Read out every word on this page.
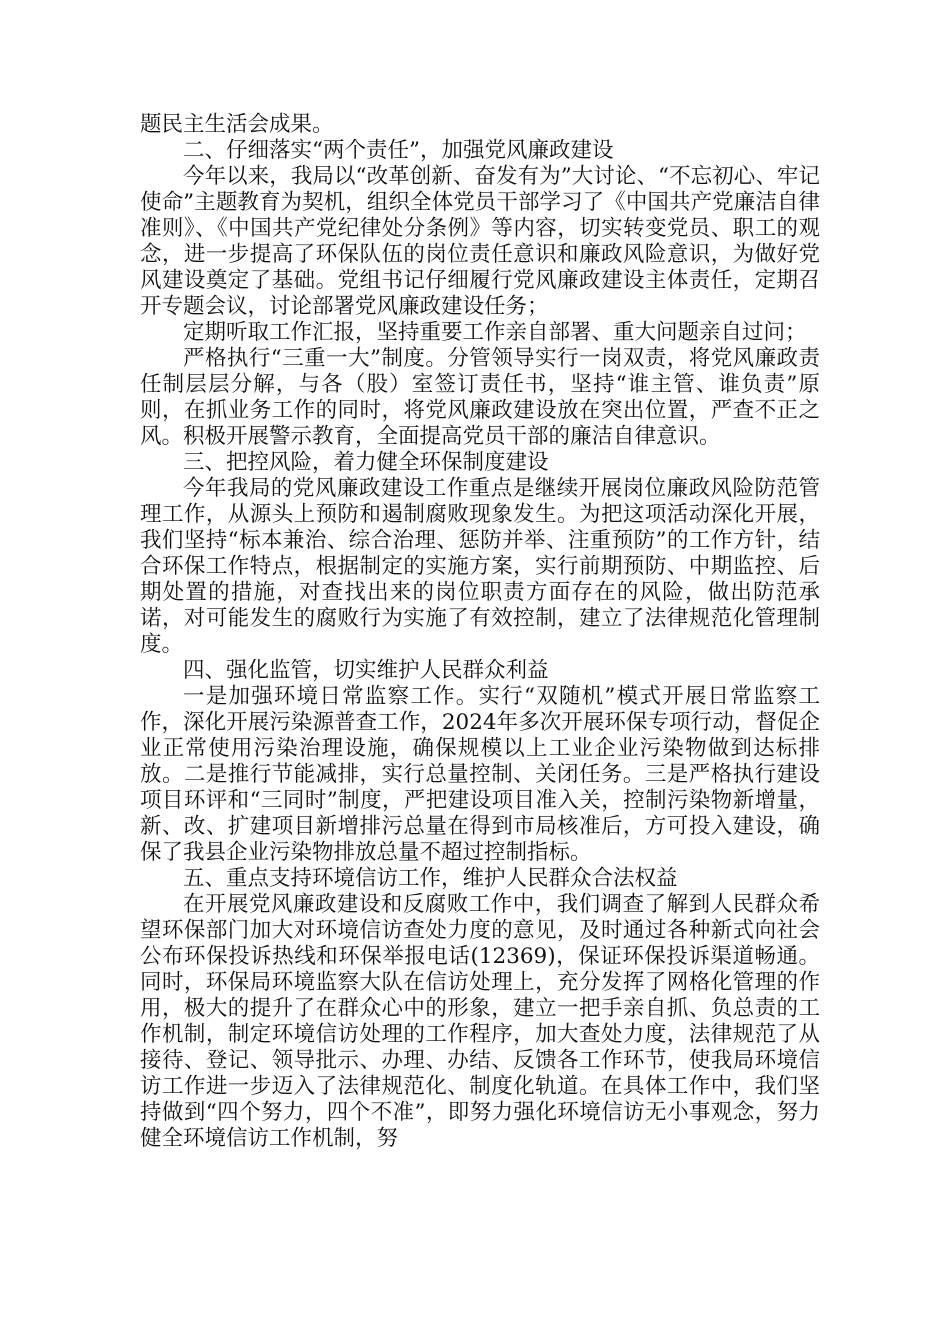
题民主生活会成果。

二、仔细落实“两个责任”，加强党风廉政建设

今年以来，我局以“改革创新、奋发有为”大讨论、“不忘初心、牢记使命”主题教育为契机，组织全体党员干部学习了《中国共产党廉洁自律准则》、《中国共产党纪律处分条例》等内容，切实转变党员、职工的观念，进一步提高了环保队伍的岗位责任意识和廉政风险意识，为做好党风建设奠定了基础。党组书记仔细履行党风廉政建设主体责任，定期召开专题会议，讨论部署党风廉政建设任务；

定期听取工作汇报，坚持重要工作亲自部署、重大问题亲自过问；

严格执行“三重一大”制度。分管领导实行一岗双责，将党风廉政责任制层层分解，与各（股）室签订责任书，坚持“谁主管、谁负责”原则，在抓业务工作的同时，将党风廉政建设放在突出位置，严查不正之风。积极开展警示教育，全面提高党员干部的廉洁自律意识。

三、把控风险，着力健全环保制度建设

今年我局的党风廉政建设工作重点是继续开展岗位廉政风险防范管理工作，从源头上预防和遏制腐败现象发生。为把这项活动深化开展，我们坚持“标本兼治、综合治理、惩防并举、注重预防”的工作方针，结合环保工作特点，根据制定的实施方案，实行前期预防、中期监控、后期处置的措施，对查找出来的岗位职责方面存在的风险，做出防范承诺，对可能发生的腐败行为实施了有效控制，建立了法律规范化管理制度。

四、强化监管，切实维护人民群众利益

一是加强环境日常监察工作。实行“双随机”模式开展日常监察工作，深化开展污染源普查工作，2024年多次开展环保专项行动，督促企业正常使用污染治理设施，确保规模以上工业企业污染物做到达标排放。二是推行节能减排，实行总量控制、关闭任务。三是严格执行建设项目环评和“三同时”制度，严把建设项目准入关，控制污染物新增量，新、改、扩建项目新增排污总量在得到市局核准后，方可投入建设，确保了我县企业污染物排放总量不超过控制指标。

五、重点支持环境信访工作，维护人民群众合法权益

在开展党风廉政建设和反腐败工作中，我们调查了解到人民群众希望环保部门加大对环境信访查处力度的意见，及时通过各种新式向社会公布环保投诉热线和环保举报电话(12369)，保证环保投诉渠道畅通。同时，环保局环境监察大队在信访处理上，充分发挥了网格化管理的作用，极大的提升了在群众心中的形象，建立一把手亲自抓、负总责的工作机制，制定环境信访处理的工作程序，加大查处力度，法律规范了从接待、登记、领导批示、办理、办结、反馈各工作环节，使我局环境信访工作进一步迈入了法律规范化、制度化轨道。在具体工作中，我们坚持做到“四个努力，四个不准”，即努力强化环境信访无小事观念，努力健全环境信访工作机制，努
